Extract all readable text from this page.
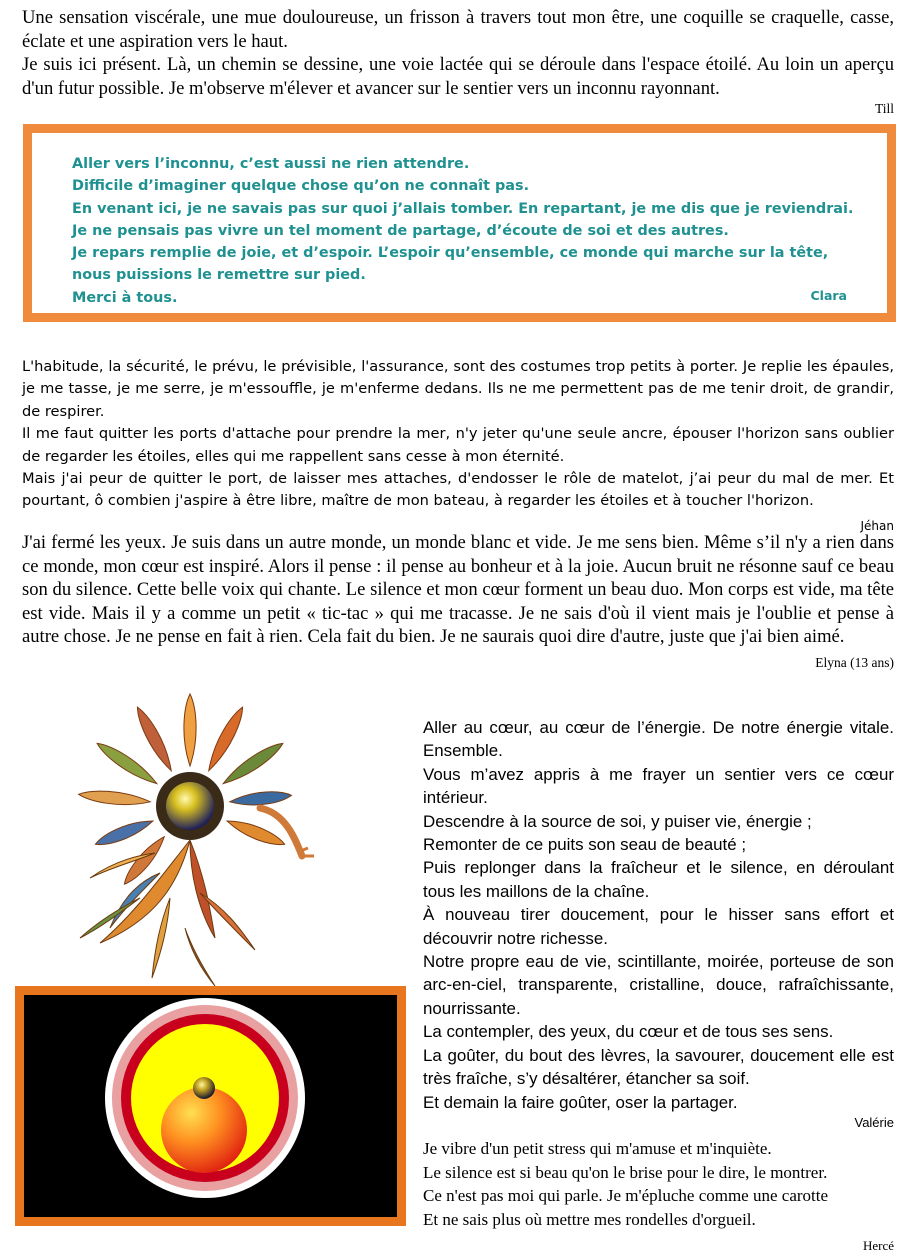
Une sensation viscérale, une mue douloureuse, un frisson à travers tout mon être, une coquille se craquelle, casse, éclate et une aspiration vers le haut.
Je suis ici présent. Là, un chemin se dessine, une voie lactée qui se déroule dans l'espace étoilé. Au loin un aperçu d'un futur possible. Je m'observe m'élever et avancer sur le sentier vers un inconnu rayonnant.
Till
Aller vers l’inconnu, c’est aussi ne rien attendre.
Difficile d’imaginer quelque chose qu’on ne connaît pas.
En venant ici, je ne savais pas sur quoi j’allais tomber. En repartant, je me dis que je reviendrai.
Je ne pensais pas vivre un tel moment de partage, d’écoute de soi et des autres.
Je repars remplie de joie, et d’espoir. L’espoir qu’ensemble, ce monde qui marche sur la tête,
nous puissions le remettre sur pied.
Merci à tous.	Clara
L'habitude, la sécurité, le prévu, le prévisible, l'assurance, sont des costumes trop petits à porter. Je replie les épaules, je me tasse, je me serre, je m'essouffle, je m'enferme dedans. Ils ne me permettent pas de me tenir droit, de grandir, de respirer.
Il me faut quitter les ports d'attache pour prendre la mer, n'y jeter qu'une seule ancre, épouser l'horizon sans oublier de regarder les étoiles, elles qui me rappellent sans cesse à mon éternité.
Mais j'ai peur de quitter le port, de laisser mes attaches, d'endosser le rôle de matelot, j’ai peur du mal de mer. Et pourtant, ô combien j'aspire à être libre, maître de mon bateau, à regarder les étoiles et à toucher l'horizon.
Jéhan
J'ai fermé les yeux. Je suis dans un autre monde, un monde blanc et vide. Je me sens bien. Même s’il n'y a rien dans ce monde, mon cœur est inspiré. Alors il pense : il pense au bonheur et à la joie. Aucun bruit ne résonne sauf ce beau son du silence. Cette belle voix qui chante. Le silence et mon cœur forment un beau duo. Mon corps est vide, ma tête est vide. Mais il y a comme un petit « tic-tac » qui me tracasse. Je ne sais d'où il vient mais je l'oublie et pense à autre chose. Je ne pense en fait à rien. Cela fait du bien. Je ne saurais quoi dire d'autre, juste que j'ai bien aimé.
Elyna (13 ans)
Aller au cœur, au cœur de l’énergie. De notre énergie vitale. Ensemble.
Vous m’avez appris à me frayer un sentier vers ce cœur intérieur.
Descendre à la source de soi, y puiser vie, énergie ;
Remonter de ce puits son seau de beauté ;
Puis replonger dans la fraîcheur et le silence, en déroulant tous les maillons de la chaîne.
À nouveau tirer doucement, pour le hisser sans effort et découvrir notre richesse.
Notre propre eau de vie, scintillante, moirée, porteuse de son arc-en-ciel, transparente, cristalline, douce, rafraîchissante, nourrissante.
La contempler, des yeux, du cœur et de tous ses sens.
La goûter, du bout des lèvres, la savourer, doucement elle est très fraîche, s’y désaltérer, étancher sa soif.
Et demain la faire goûter, oser la partager.
Valérie
Je vibre d'un petit stress qui m'amuse et m'inquiète.
Le silence est si beau qu'on le brise pour le dire, le montrer.
Ce n'est pas moi qui parle. Je m'épluche comme une carotte
Et ne sais plus où mettre mes rondelles d'orgueil.
Hercé
